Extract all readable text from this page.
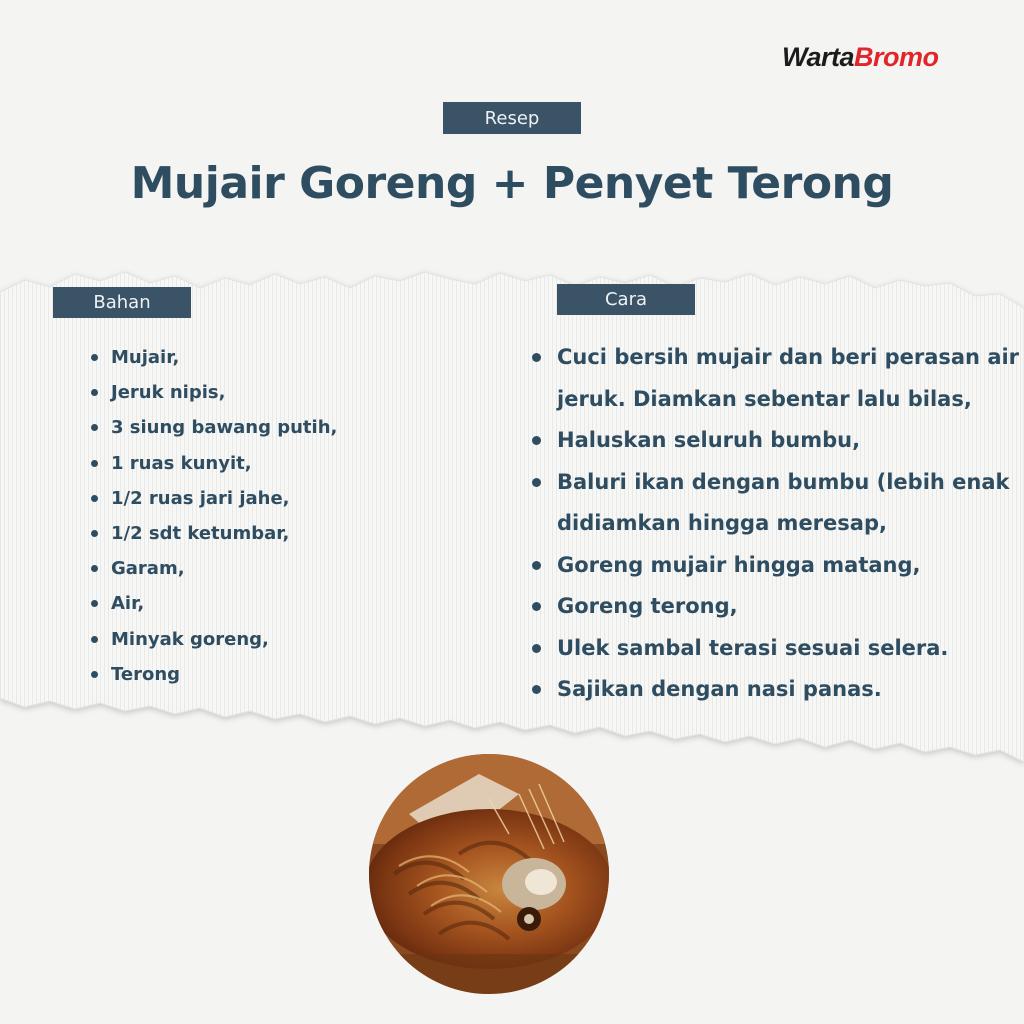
WartaBromo
Resep
Mujair Goreng + Penyet Terong
Bahan	Cara
Mujair,
Jeruk nipis,
3 siung bawang putih,
1 ruas kunyit,
1/2 ruas jari jahe,
1/2 sdt ketumbar,
Garam,
Air,
Minyak goreng,
Terong
Cuci bersih mujair dan beri perasan air
jeruk. Diamkan sebentar lalu bilas,
Haluskan seluruh bumbu,
Baluri ikan dengan bumbu (lebih enak
didiamkan hingga meresap,
Goreng mujair hingga matang,
Goreng terong,
Ulek sambal terasi sesuai selera.
Sajikan dengan nasi panas.
